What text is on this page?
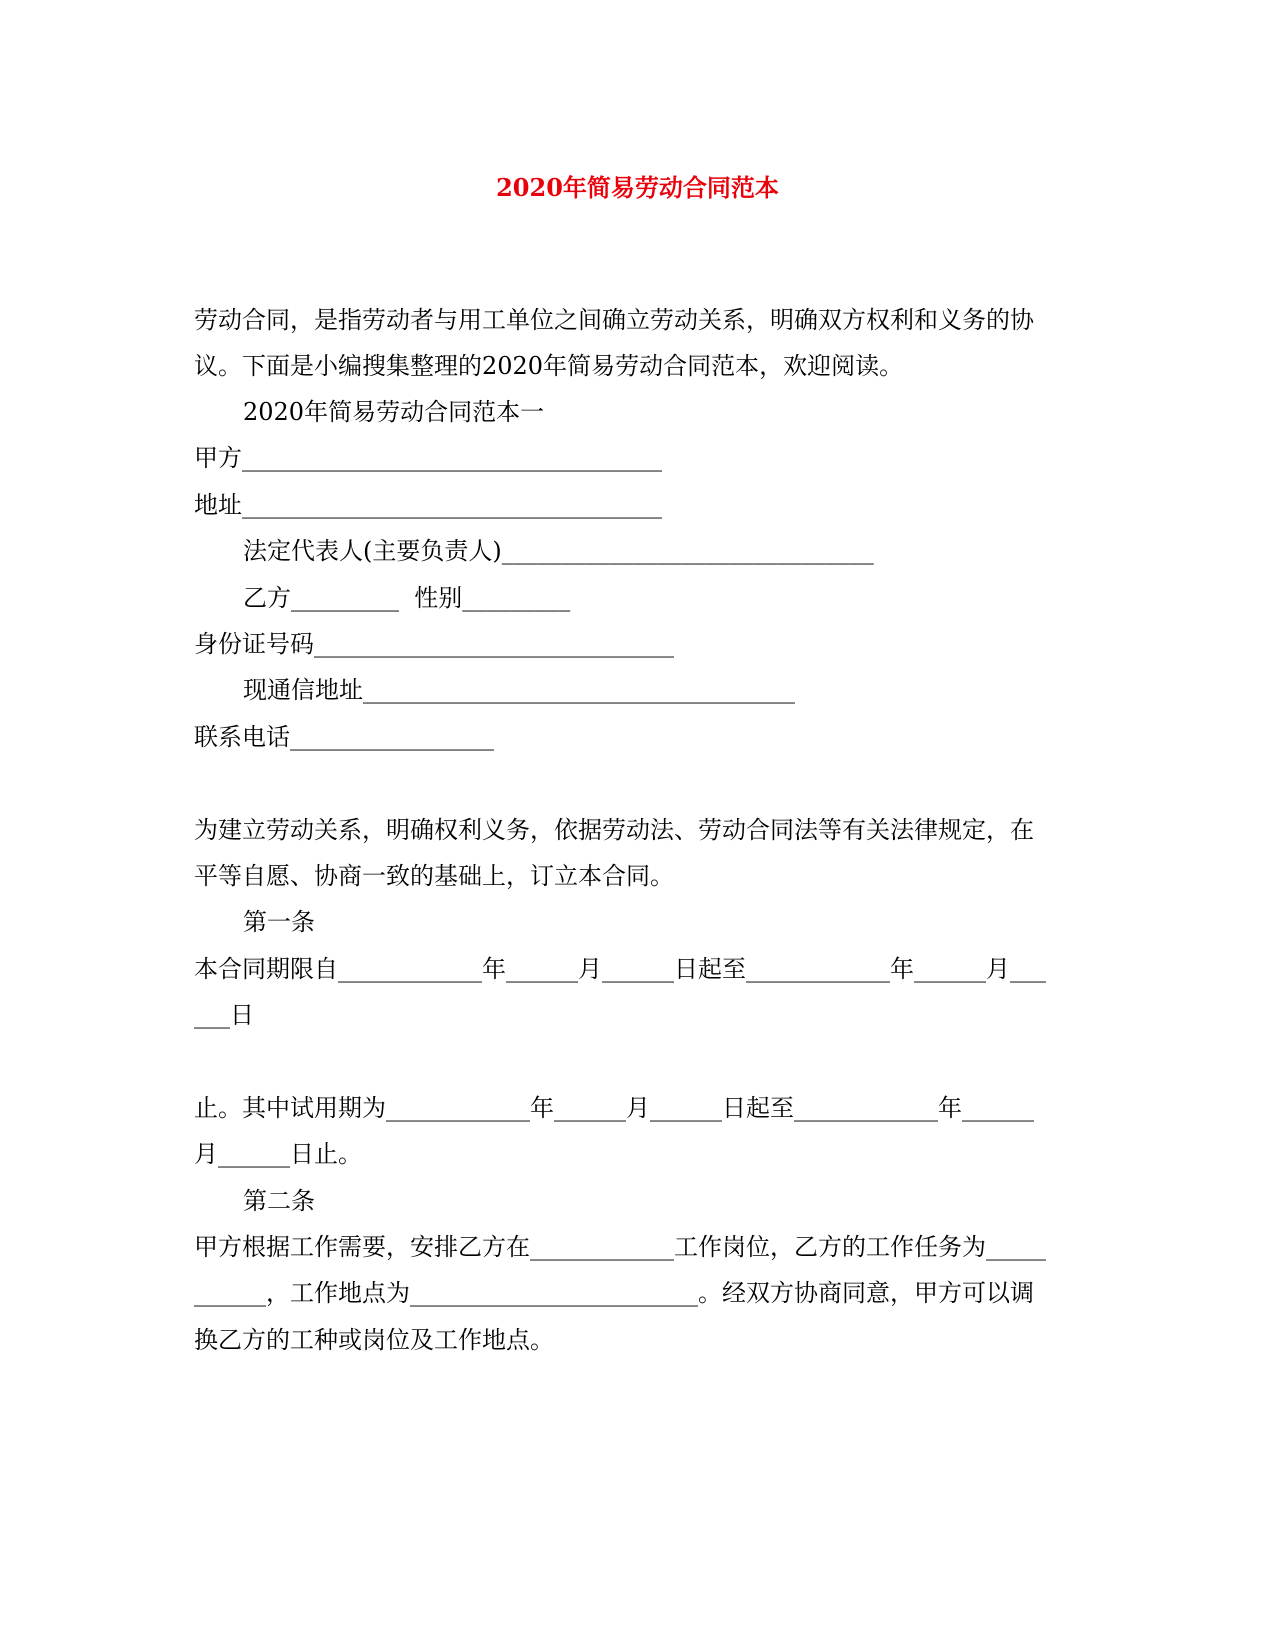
2020年简易劳动合同范本
劳动合同，是指劳动者与用工单位之间确立劳动关系，明确双方权利和义务的协
议。下面是小编搜集整理的2020年简易劳动合同范本，欢迎阅读。
2020年简易劳动合同范本一
甲方___________________________________
地址___________________________________
法定代表人(主要负责人)_______________________________
乙方_________  性别_________
身份证号码______________________________
现通信地址____________________________________
联系电话_________________
为建立劳动关系，明确权利义务，依据劳动法、劳动合同法等有关法律规定，在
平等自愿、协商一致的基础上，订立本合同。
第一条
本合同期限自____________年______月______日起至____________年______月___
___日
止。其中试用期为____________年______月______日起至____________年______
月______日止。
第二条
甲方根据工作需要，安排乙方在____________工作岗位，乙方的工作任务为_____
______，工作地点为________________________。经双方协商同意，甲方可以调
换乙方的工种或岗位及工作地点。
